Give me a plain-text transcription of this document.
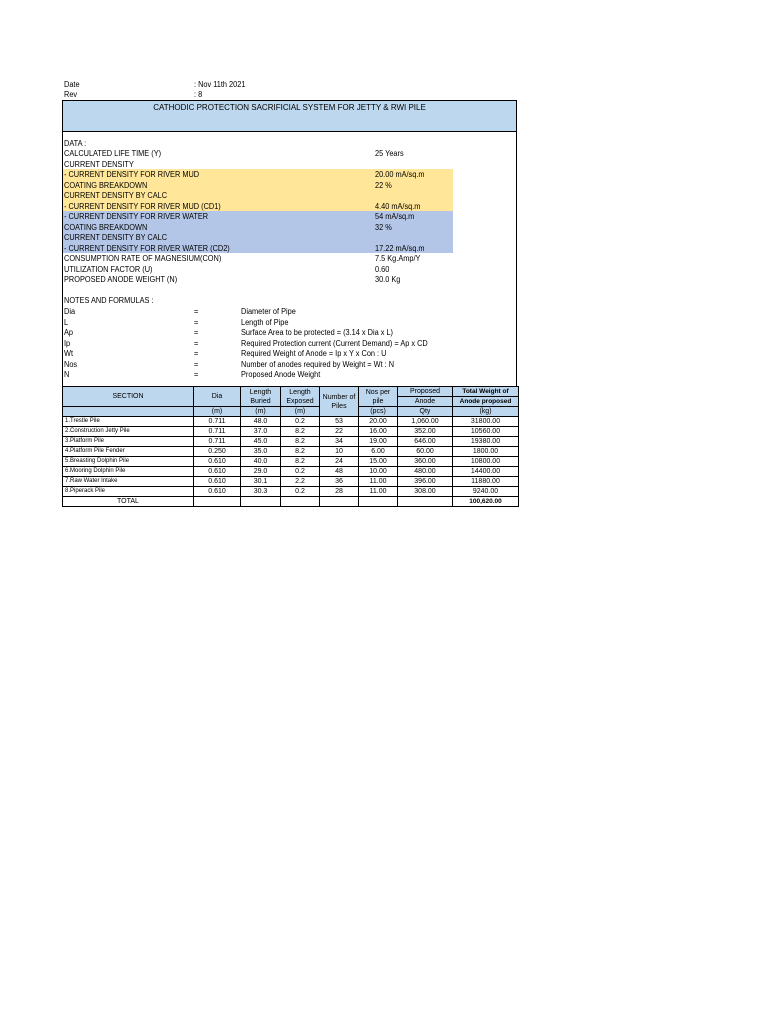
Date	: Nov 11th 2021
Rev	: 8
CATHODIC PROTECTION SACRIFICIAL SYSTEM FOR JETTY & RWI PILE
DATA :
CALCULATED LIFE TIME (Y)	25 Years
CURRENT DENSITY
- CURRENT DENSITY FOR RIVER MUD	20.00 mA/sq.m
COATING BREAKDOWN	22 %
CURRENT DENSITY BY CALC
- CURRENT DENSITY FOR RIVER MUD (CD1)	4.40 mA/sq.m
- CURRENT DENSITY FOR RIVER WATER	54 mA/sq.m
COATING BREAKDOWN	32 %
CURRENT DENSITY BY CALC
- CURRENT DENSITY FOR RIVER WATER (CD2)	17.22 mA/sq.m
CONSUMPTION RATE OF MAGNESIUM(CON)	7.5 Kg.Amp/Y
UTILIZATION FACTOR (U)	0.60
PROPOSED ANODE WEIGHT (N)	30.0 Kg
NOTES AND FORMULAS :
Dia	=	Diameter of Pipe
L	=	Length of Pipe
Ap	=	Surface Area to be protected = (3.14 x Dia x L)
Ip	=	Required Protection current (Current Demand) = Ap x CD
Wt	=	Required Weight of Anode = Ip x Y x Con : U
Nos	=	Number of anodes required by Weight = Wt : N
N	=	Proposed Anode Weight
SECTION	Dia	Length Buried	Length Exposed	Number of Piles	Nos per pile	Proposed	Total Weight of
						Anode	Anode proposed
	(m)	(m)	(m)		(pcs)	Qty	(kg)
1.Trestle Pile	0.711	48.0	0.2	53	20.00	1,060.00	31800.00
2.Construction Jetty Pile	0.711	37.0	8.2	22	16.00	352.00	10560.00
3.Platform Pile	0.711	45.0	8.2	34	19.00	646.00	19380.00
4.Platform Pile Fender	0.250	35.0	8.2	10	6.00	60.00	1800.00
5.Breasting Dolphin Pile	0.610	40.0	8.2	24	15.00	360.00	10800.00
6.Mooring Dolphin Pile	0.610	29.0	0.2	48	10.00	480.00	14400.00
7.Raw Water Intake	0.610	30.1	2.2	36	11.00	396.00	11880.00
8.Piperack Pile	0.610	30.3	0.2	28	11.00	308.00	9240.00
TOTAL							100,620.00
